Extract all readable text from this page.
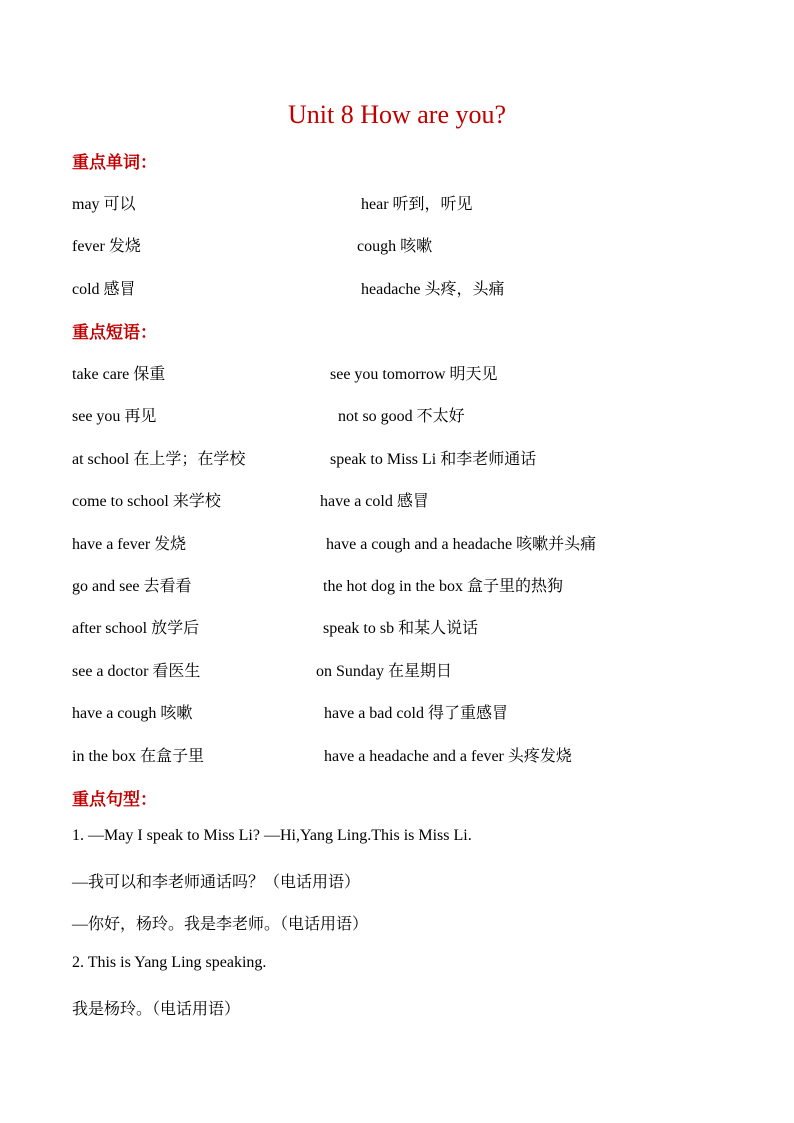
Unit 8 How are you?
重点单词：
may 可以	hear 听到，听见
fever 发烧	cough 咳嗽
cold 感冒	headache 头疼，头痛
重点短语：
take care 保重	see you tomorrow 明天见
see you 再见	not so good 不太好
at school 在上学；在学校	speak to Miss Li 和李老师通话
come to school 来学校	have a cold 感冒
have a fever 发烧	have a cough and a headache 咳嗽并头痛
go and see 去看看	the hot dog in the box 盒子里的热狗
after school 放学后	speak to sb 和某人说话
see a doctor 看医生	on Sunday 在星期日
have a cough 咳嗽	have a bad cold 得了重感冒
in the box 在盒子里	have a headache and a fever 头疼发烧
重点句型：
1. —May I speak to Miss Li? —Hi,Yang Ling.This is Miss Li.
—我可以和李老师通话吗？（电话用语）
—你好，杨玲。我是李老师。（电话用语）
2. This is Yang Ling speaking.
我是杨玲。（电话用语）
